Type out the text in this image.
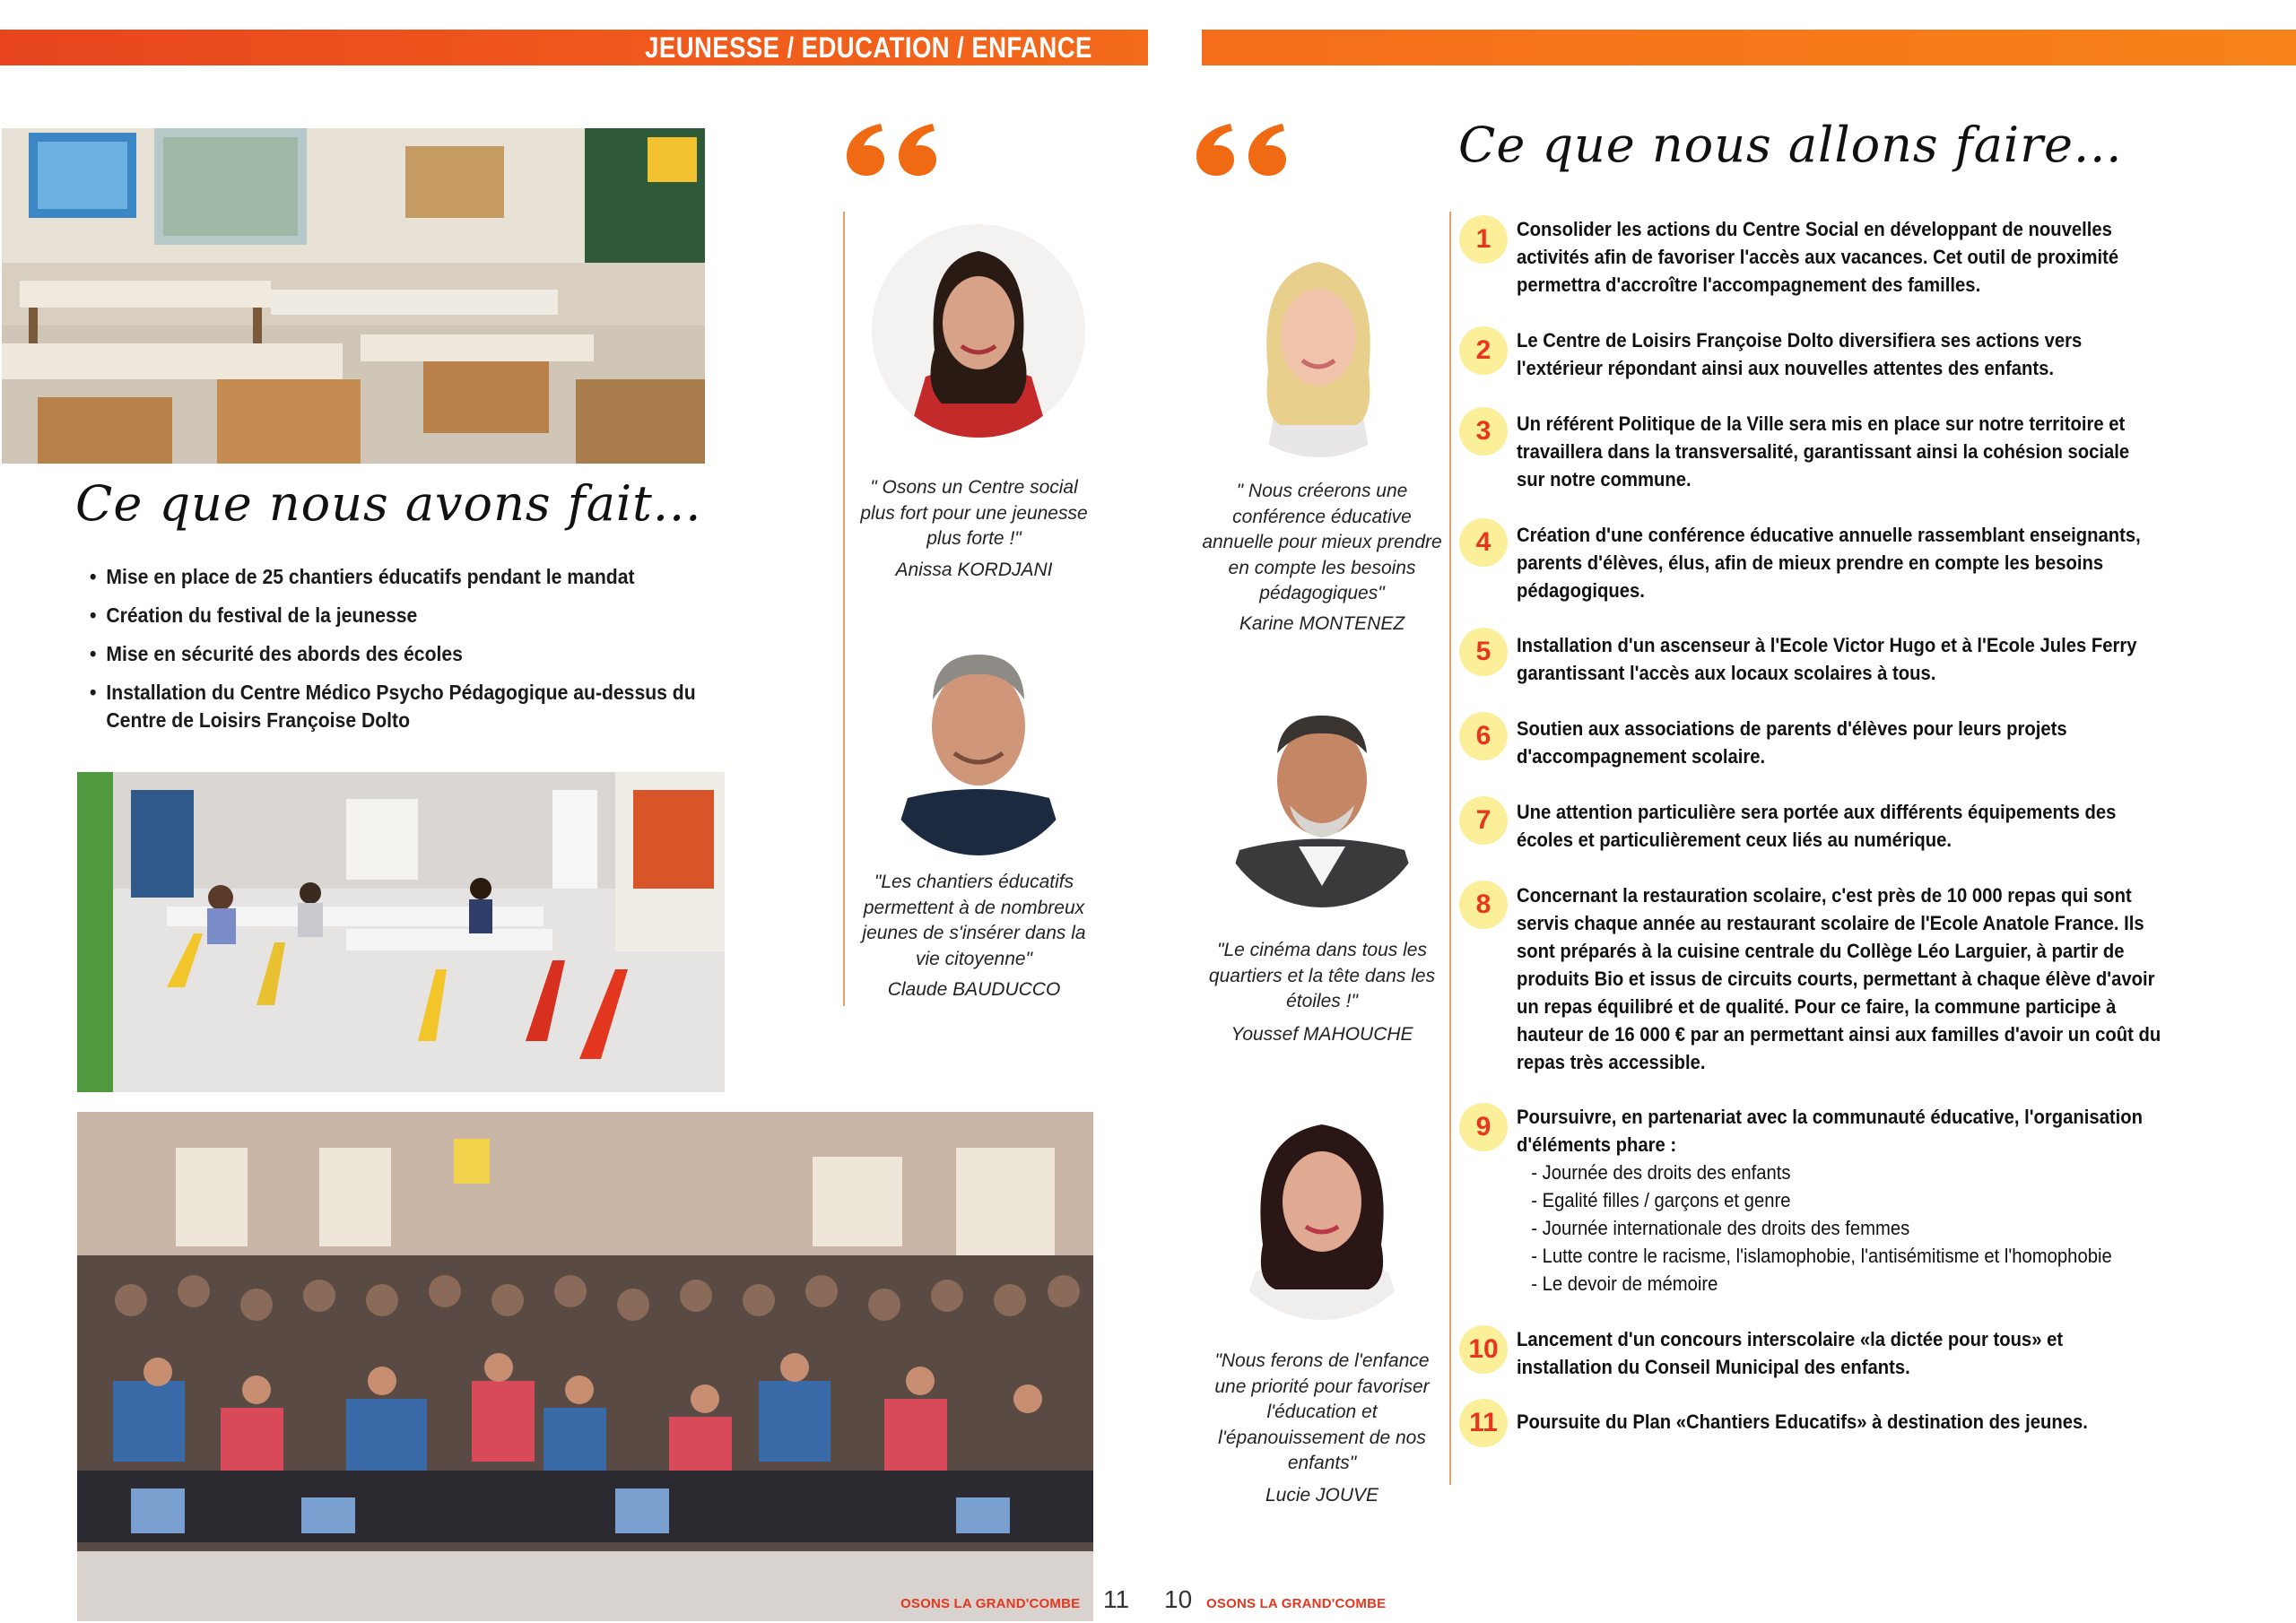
JEUNESSE / EDUCATION / ENFANCE
Ce que nous avons fait...
• Mise en place de 25 chantiers éducatifs pendant le mandat
• Création du festival de la jeunesse
• Mise en sécurité des abords des écoles
• Installation du Centre Médico Psycho Pédagogique au-dessus du Centre de Loisirs Françoise Dolto
OSONS LA GRAND'COMBE 11 10 OSONS LA GRAND'COMBE
" Osons un Centre social plus fort pour une jeunesse plus forte !"
Anissa KORDJANI
"Les chantiers éducatifs permettent à de nombreux jeunes de s'insérer dans la vie citoyenne"
Claude BAUDUCCO
" Nous créerons une conférence éducative annuelle pour mieux prendre en compte les besoins pédagogiques"
Karine MONTENEZ
"Le cinéma dans tous les quartiers et la tête dans les étoiles !"
Youssef MAHOUCHE
"Nous ferons de l'enfance une priorité pour favoriser l'éducation et l'épanouissement de nos enfants"
Lucie JOUVE
Ce que nous allons faire...
1	Consolider les actions du Centre Social en développant de nouvelles activités afin de favoriser l'accès aux vacances. Cet outil de proximité permettra d'accroître l'accompagnement des familles.
2	Le Centre de Loisirs Françoise Dolto diversifiera ses actions vers l'extérieur répondant ainsi aux nouvelles attentes des enfants.
3	Un référent Politique de la Ville sera mis en place sur notre territoire et travaillera dans la transversalité, garantissant ainsi la cohésion sociale sur notre commune.
4	Création d'une conférence éducative annuelle rassemblant enseignants, parents d'élèves, élus, afin de mieux prendre en compte les besoins pédagogiques.
5	Installation d'un ascenseur à l'Ecole Victor Hugo et à l'Ecole Jules Ferry garantissant l'accès aux locaux scolaires à tous.
6	Soutien aux associations de parents d'élèves pour leurs projets d'accompagnement scolaire.
7	Une attention particulière sera portée aux différents équipements des écoles et particulièrement ceux liés au numérique.
8	Concernant la restauration scolaire, c'est près de 10 000 repas qui sont servis chaque année au restaurant scolaire de l'Ecole Anatole France. Ils sont préparés à la cuisine centrale du Collège Léo Larguier, à partir de produits Bio et issus de circuits courts, permettant à chaque élève d'avoir un repas équilibré et de qualité. Pour ce faire, la commune participe à hauteur de 16 000 € par an permettant ainsi aux familles d'avoir un coût du repas très accessible.
9	Poursuivre, en partenariat avec la communauté éducative, l'organisation d'éléments phare :
- Journée des droits des enfants
- Egalité filles / garçons et genre
- Journée internationale des droits des femmes
- Lutte contre le racisme, l'islamophobie, l'antisémitisme et l'homophobie
- Le devoir de mémoire
10 Lancement d'un concours interscolaire «la dictée pour tous» et installation du Conseil Municipal des enfants.
11 Poursuite du Plan «Chantiers Educatifs» à destination des jeunes.
